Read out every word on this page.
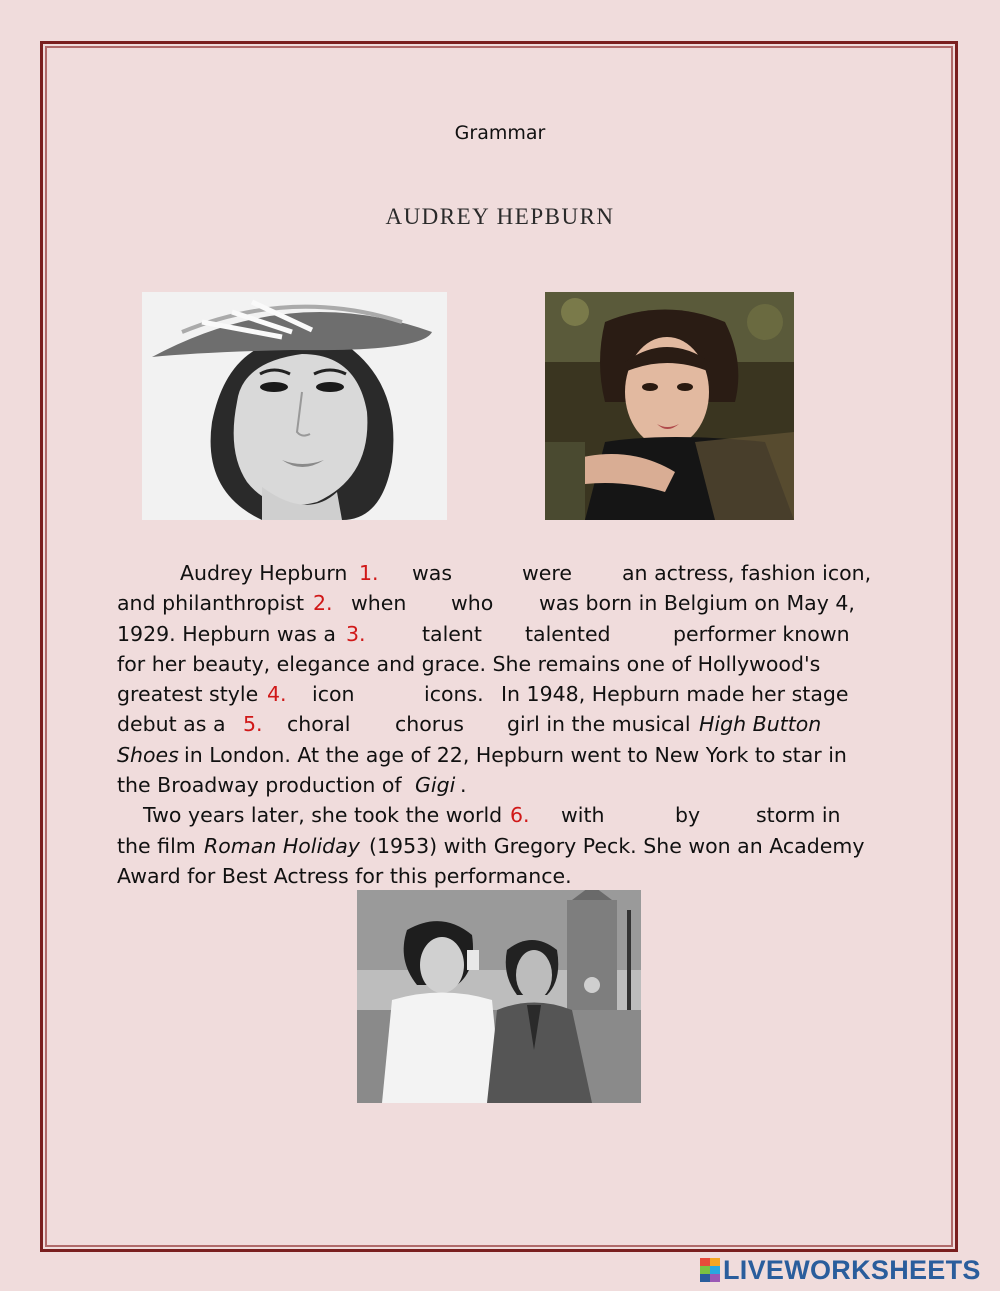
Grammar
AUDREY HEPBURN
Audrey Hepburn 1. was	were an actress, fashion icon,
and philanthropist 2. when who was born in Belgium on May 4,
1929. Hepburn was a 3.	talent talented	performer known
for her beauty, elegance and grace. She remains one of Hollywood's
greatest style 4. icon	icons. In 1948, Hepburn made her stage
debut as a 5. choral chorus girl in the musical High Button
Shoes in London. At the age of 22, Hepburn went to New York to star in
the Broadway production of Gigi .
Two years later, she took the world 6. with	by	storm in
the film Roman Holiday (1953) with Gregory Peck. She won an Academy
Award for Best Actress for this performance.
LIVEWORKSHEETS
